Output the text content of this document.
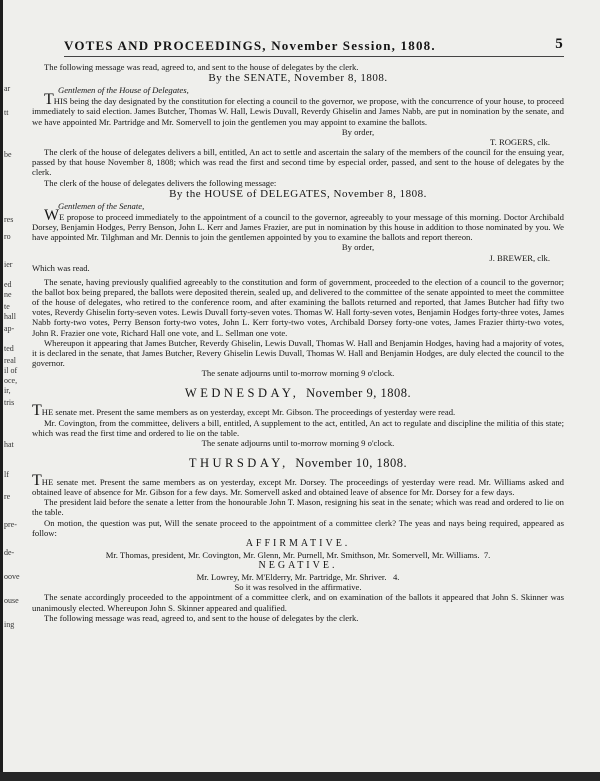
ar
tt
be
res
ro
ier
ed
ne
te
hall
ap-
ted
real
il of
oce,
ir,
tris
hat
lf
re
pre-
de-
oove
ouse
ing
VOTES AND PROCEEDINGS, November Session, 1808.	5

The following message was read, agreed to, and sent to the house of delegates by the clerk.

By the SENATE, November 8, 1808.

Gentlemen of the House of Delegates,

THIS being the day designated by the constitution for electing a council to the governor, we propose, with the concurrence of your house, to proceed immediately to said election. James Butcher, Thomas W. Hall, Lewis Duvall, Reverdy Ghiselin and James Nabb, are put in nomination by the senate, and we have appointed Mr. Partridge and Mr. Somervell to join the gentlemen you may appoint to examine the ballots.

By order,

T. ROGERS, clk.

The clerk of the house of delegates delivers a bill, entitled, An act to settle and ascertain the salary of the members of the council for the ensuing year, passed by that house November 8, 1808; which was read the first and second time by especial order, passed, and sent to the house of delegates by the clerk.

The clerk of the house of delegates delivers the following message:

By the HOUSE of DELEGATES, November 8, 1808.

Gentlemen of the Senate,

WE propose to proceed immediately to the appointment of a council to the governor, agreeably to your message of this morning. Doctor Archibald Dorsey, Benjamin Hodges, Perry Benson, John L. Kerr and James Frazier, are put in nomination by this house in addition to those nominated by you. We have appointed Mr. Tilghman and Mr. Dennis to join the gentlemen appointed by you to examine the ballots and report thereon.

By order,

J. BREWER, clk.

Which was read.

The senate, having previously qualified agreeably to the constitution and form of government, proceeded to the election of a council to the governor; the ballot box being prepared, the ballots were deposited therein, sealed up, and delivered to the committee of the senate appointed to meet the committee of the house of delegates, who retired to the conference room, and after examining the ballots returned and reported, that James Butcher had fifty two votes, Reverdy Ghiselin forty-seven votes. Lewis Duvall forty-seven votes. Thomas W. Hall forty-seven votes, Benjamin Hodges forty-three votes, James Nabb forty-two votes, Perry Benson forty-two votes, John L. Kerr forty-two votes, Archibald Dorsey forty-one votes, James Frazier thirty-two votes, John R. Frazier one vote, Richard Hall one vote, and L. Sellman one vote.

Whereupon it appearing that James Butcher, Reverdy Ghiselin, Lewis Duvall, Thomas W. Hall and Benjamin Hodges, having had a majority of votes, it is declared in the senate, that James Butcher, Revery Ghiselin Lewis Duvall, Thomas W. Hall and Benjamin Hodges, are duly elected the council to the governor.

The senate adjourns until to-morrow morning 9 o'clock.

WEDNESDAY, November 9, 1808.

THE senate met. Present the same members as on yesterday, except Mr. Gibson. The proceedings of yesterday were read.

Mr. Covington, from the committee, delivers a bill, entitled, A supplement to the act, entitled, An act to regulate and discipline the militia of this state; which was read the first time and ordered to lie on the table.

The senate adjourns until to-morrow morning 9 o'clock.

THURSDAY, November 10, 1808.

THE senate met. Present the same members as on yesterday, except Mr. Dorsey. The proceedings of yesterday were read. Mr. Williams asked and obtained leave of absence for Mr. Gibson for a few days. Mr. Somervell asked and obtained leave of absence for Mr. Dorsey for a few days.

The president laid before the senate a letter from the honourable John T. Mason, resigning his seat in the senate; which was read and ordered to lie on the table.

On motion, the question was put, Will the senate proceed to the appointment of a committee clerk? The yeas and nays being required, appeared as follow:

AFFIRMATIVE.

Mr. Thomas, president, Mr. Covington, Mr. Glenn, Mr. Purnell, Mr. Smithson, Mr. Somervell, Mr. Williams. 7.

NEGATIVE.

Mr. Lowrey, Mr. M'Elderry, Mr. Partridge, Mr. Shriver. 4.

So it was resolved in the affirmative.

The senate accordingly proceeded to the appointment of a committee clerk, and on examination of the ballots it appeared that John S. Skinner was unanimously elected. Whereupon John S. Skinner appeared and qualified.

The following message was read, agreed to, and sent to the house of delegates by the clerk.
